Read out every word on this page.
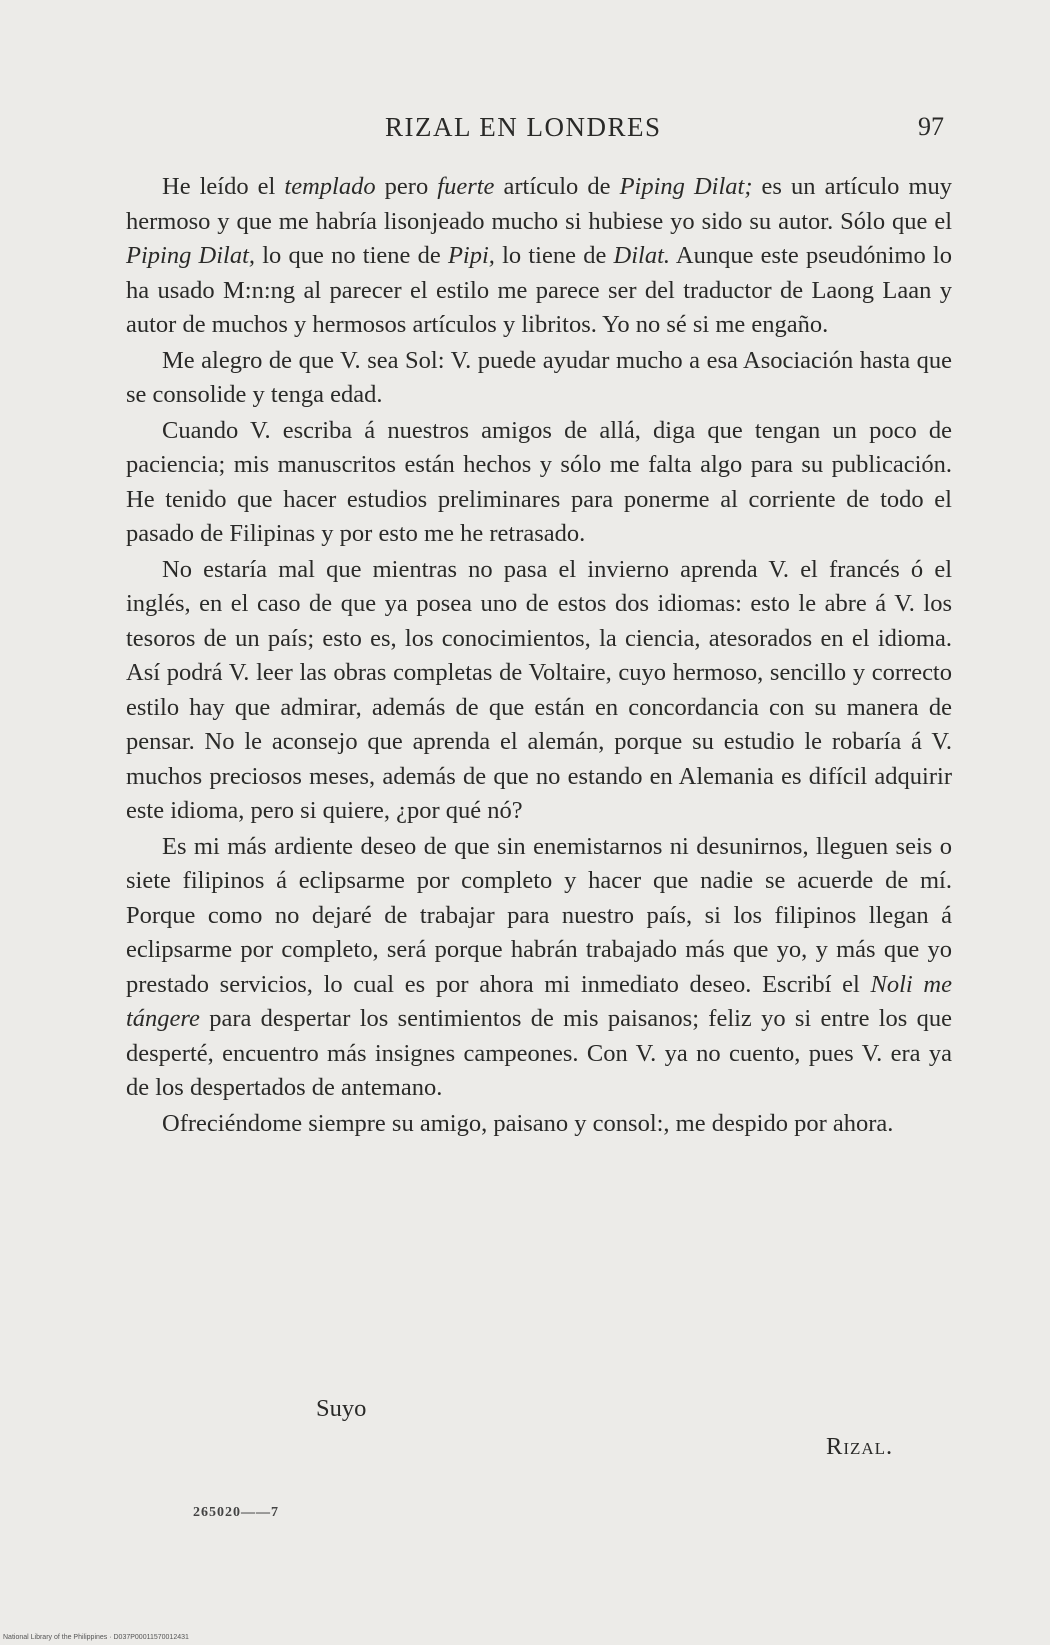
RIZAL EN LONDRES	97

He leído el templado pero fuerte artículo de Piping Dilat; es un artículo muy hermoso y que me habría lisonjeado mucho si hubiese yo sido su autor. Sólo que el Piping Dilat, lo que no tiene de Pipi, lo tiene de Dilat. Aunque este pseudónimo lo ha usado M:n:ng al parecer el estilo me parece ser del traductor de Laong Laan y autor de muchos y hermosos artículos y libritos. Yo no sé si me engaño.

Me alegro de que V. sea Sol: V. puede ayudar mucho a esa Asociación hasta que se consolide y tenga edad.

Cuando V. escriba á nuestros amigos de allá, diga que tengan un poco de paciencia; mis manuscritos están hechos y sólo me falta algo para su publicación. He tenido que hacer estudios preliminares para ponerme al corriente de todo el pasado de Filipinas y por esto me he retrasado.

No estaría mal que mientras no pasa el invierno aprenda V. el francés ó el inglés, en el caso de que ya posea uno de estos dos idiomas: esto le abre á V. los tesoros de un país; esto es, los conocimientos, la ciencia, atesorados en el idioma. Así podrá V. leer las obras completas de Voltaire, cuyo hermoso, sencillo y correcto estilo hay que admirar, además de que están en concordancia con su manera de pensar. No le aconsejo que aprenda el alemán, porque su estudio le robaría á V. muchos preciosos meses, además de que no estando en Alemania es difícil adquirir este idioma, pero si quiere, ¿por qué nó?

Es mi más ardiente deseo de que sin enemistarnos ni desunirnos, lleguen seis o siete filipinos á eclipsarme por completo y hacer que nadie se acuerde de mí. Porque como no dejaré de trabajar para nuestro país, si los filipinos llegan á eclipsarme por completo, será porque habrán trabajado más que yo, y más que yo prestado servicios, lo cual es por ahora mi inmediato deseo. Escribí el Noli me tángere para despertar los sentimientos de mis paisanos; feliz yo si entre los que desperté, encuentro más insignes campeones. Con V. ya no cuento, pues V. era ya de los despertados de antemano.

Ofreciéndome siempre su amigo, paisano y consol:, me despido por ahora.

Suyo
Rizal.
265020——7
National Library of the Philippines · D037P00011570012431
